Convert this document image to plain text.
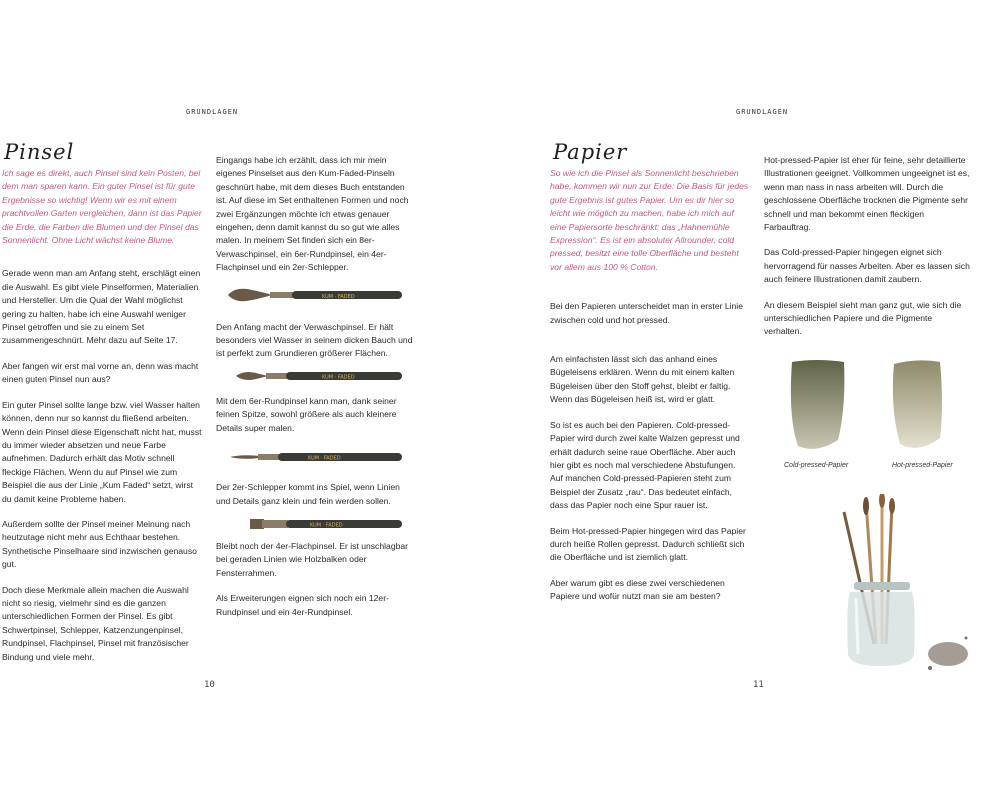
GRUNDLAGEN
Pinsel

Ich sage es direkt, auch Pinsel sind kein Posten, bei dem man sparen kann. Ein guter Pinsel ist für gute Ergebnisse so wichtig! Wenn wir es mit einem prachtvollen Garten vergleichen, dann ist das Papier die Erde, die Farben die Blumen und der Pinsel das Sonnenlicht. Ohne Licht wächst keine Blume.

Gerade wenn man am Anfang steht, erschlägt einen die Auswahl. Es gibt viele Pinselformen, Materialien und Hersteller. Um die Qual der Wahl möglichst gering zu halten, habe ich eine Auswahl weniger Pinsel getroffen und sie zu einem Set zusammengeschnürt. Mehr dazu auf Seite 17.

Aber fangen wir erst mal vorne an, denn was macht einen guten Pinsel nun aus?

Ein guter Pinsel sollte lange bzw. viel Wasser halten können, denn nur so kannst du fließend arbeiten. Wenn dein Pinsel diese Eigenschaft nicht hat, musst du immer wieder absetzen und neue Farbe aufnehmen. Dadurch erhält das Motiv schnell fleckige Flächen. Wenn du auf Pinsel wie zum Beispiel die aus der Linie „Kum Faded“ setzt, wirst du damit keine Probleme haben.

Außerdem sollte der Pinsel meiner Meinung nach heutzutage nicht mehr aus Echthaar bestehen. Synthetische Pinselhaare sind inzwischen genauso gut.

Doch diese Merkmale allein machen die Auswahl nicht so riesig, vielmehr sind es die ganzen unterschiedlichen Formen der Pinsel. Es gibt Schwertpinsel, Schlepper, Katzenzungenpinsel, Rundpinsel, Flachpinsel, Pinsel mit französischer Bindung und viele mehr.

Eingangs habe ich erzählt, dass ich mir mein eigenes Pinselset aus den Kum-Faded-Pinseln geschnürt habe, mit dem dieses Buch entstanden ist. Auf diese im Set enthaltenen Formen und noch zwei Ergänzungen möchte ich etwas genauer eingehen, denn damit kannst du so gut wie alles malen. In meinem Set finden sich ein 8er-Verwaschpinsel, ein 6er-Rundpinsel, ein 4er-Flachpinsel und ein 2er-Schlepper.

Den Anfang macht der Verwaschpinsel. Er hält besonders viel Wasser in seinem dicken Bauch und ist perfekt zum Grundieren größerer Flächen.

Mit dem 6er-Rundpinsel kann man, dank seiner feinen Spitze, sowohl größere als auch kleinere Details super malen.

Der 2er-Schlepper kommt ins Spiel, wenn Linien und Details ganz klein und fein werden sollen.

Bleibt noch der 4er-Flachpinsel. Er ist unschlagbar bei geraden Linien wie Holzbalken oder Fensterrahmen.

Als Erweiterungen eignen sich noch ein 12er-Rundpinsel und ein 4er-Rundpinsel.

KUM · FADED
KUM · FADED
KUM · FADED
KUM · FADED
10
GRUNDLAGEN
Papier

So wie ich die Pinsel als Sonnenlicht beschrieben habe, kommen wir nun zur Erde: Die Basis für jedes gute Ergebnis ist gutes Papier. Um es dir hier so leicht wie möglich zu machen, habe ich mich auf eine Papiersorte beschränkt: das „Hahnemühle Expression“. Es ist ein absoluter Allrounder, cold pressed, besitzt eine tolle Oberfläche und besteht vor allem aus 100 % Cotton.

Bei den Papieren unterscheidet man in erster Linie zwischen cold und hot pressed.

Am einfachsten lässt sich das anhand eines Bügeleisens erklären. Wenn du mit einem kalten Bügeleisen über den Stoff gehst, bleibt er faltig. Wenn das Bügeleisen heiß ist, wird er glatt.

So ist es auch bei den Papieren. Cold-pressed-Papier wird durch zwei kalte Walzen gepresst und erhält dadurch seine raue Oberfläche. Aber auch hier gibt es noch mal verschiedene Abstufungen. Auf manchen Cold-pressed-Papieren steht zum Beispiel der Zusatz „rau“. Das bedeutet einfach, dass das Papier noch eine Spur rauer ist.

Beim Hot-pressed-Papier hingegen wird das Papier durch heiße Rollen gepresst. Dadurch schließt sich die Oberfläche und ist ziemlich glatt.

Aber warum gibt es diese zwei verschiedenen Papiere und wofür nutzt man sie am besten?

Hot-pressed-Papier ist eher für feine, sehr detaillierte Illustrationen geeignet. Vollkommen ungeeignet ist es, wenn man nass in nass arbeiten will. Durch die geschlossene Oberfläche trocknen die Pigmente sehr schnell und man bekommt einen fleckigen Farbauftrag.

Das Cold-pressed-Papier hingegen eignet sich hervorragend für nasses Arbeiten. Aber es lassen sich auch feinere Illustrationen damit zaubern.

An diesem Beispiel sieht man ganz gut, wie sich die unterschiedlichen Papiere und die Pigmente verhalten.

Cold-pressed-Papier	Hot-pressed-Papier
11
